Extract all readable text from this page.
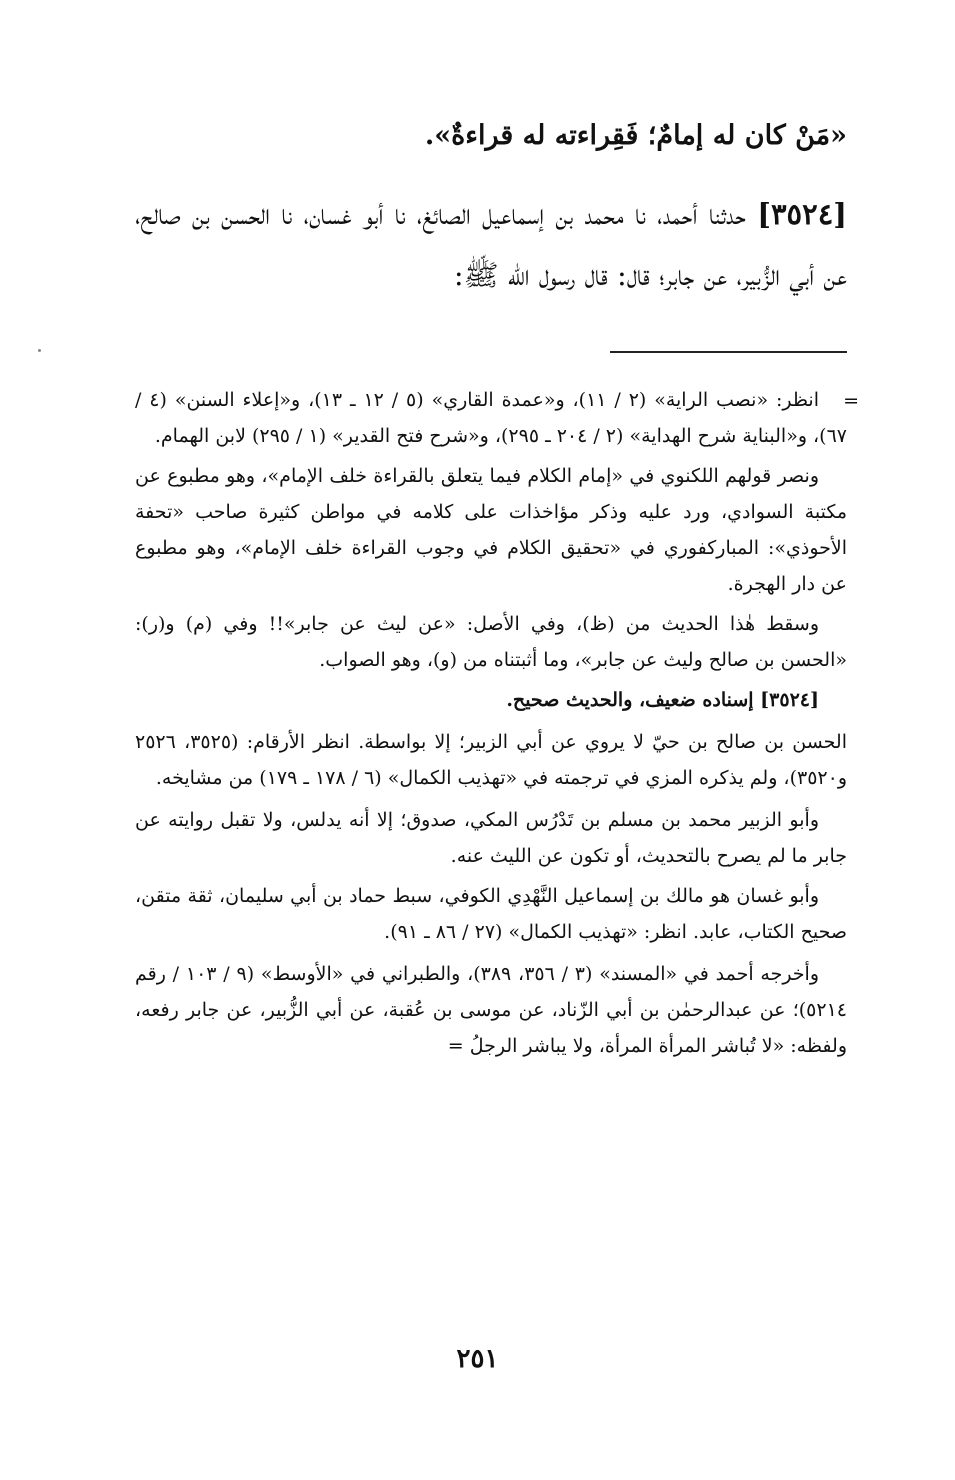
«مَنْ كان له إمامٌ؛ فَقِراءته له قراءةٌ».
[٣٥٢٤] حدثنا أحمد، نا محمد بن إسماعيل الصائغ، نا أبو غسان، نا الحسن بن صالح، عن أبي الزُّبير، عن جابر؛ قال: قال رسول الله ﷺ:
=

انظر: «نصب الراية» (٢ / ١١)، و«عمدة القاري» (٥ / ١٢ ـ ١٣)، و«إعلاء السنن» (٤ / ٦٧)، و«البناية شرح الهداية» (٢ / ٢٠٤ ـ ٢٩٥)، و«شرح فتح القدير» (١ / ٢٩٥) لابن الهمام.

ونصر قولهم اللكنوي في «إمام الكلام فيما يتعلق بالقراءة خلف الإمام»، وهو مطبوع عن مكتبة السوادي، ورد عليه وذكر مؤاخذات على كلامه في مواطن كثيرة صاحب «تحفة الأحوذي»: المباركفوري في «تحقيق الكلام في وجوب القراءة خلف الإمام»، وهو مطبوع عن دار الهجرة.

وسقط هٰذا الحديث من (ظ)، وفي الأصل: «عن ليث عن جابر»!! وفي (م) و(ر): «الحسن بن صالح وليث عن جابر»، وما أثبتناه من (و)، وهو الصواب.

[٣٥٢٤] إسناده ضعيف، والحديث صحيح.

الحسن بن صالح بن حيّ لا يروي عن أبي الزبير؛ إلا بواسطة. انظر الأرقام: (٣٥٢٥، ٢٥٢٦ و٣٥٢٠)، ولم يذكره المزي في ترجمته في «تهذيب الكمال» (٦ / ١٧٨ ـ ١٧٩) من مشايخه.

وأبو الزبير محمد بن مسلم بن تَدْرُس المكي، صدوق؛ إلا أنه يدلس، ولا تقبل روايته عن جابر ما لم يصرح بالتحديث، أو تكون عن الليث عنه.

وأبو غسان هو مالك بن إسماعيل النَّهْدِي الكوفي، سبط حماد بن أبي سليمان، ثقة متقن، صحيح الكتاب، عابد. انظر: «تهذيب الكمال» (٢٧ / ٨٦ ـ ٩١).

وأخرجه أحمد في «المسند» (٣ / ٣٥٦، ٣٨٩)، والطبراني في «الأوسط» (٩ / ١٠٣ / رقم ٥٢١٤)؛ عن عبدالرحمٰن بن أبي الزّناد، عن موسى بن عُقبة، عن أبي الزُّبير، عن جابر رفعه، ولفظه: «لا تُباشر المرأة المرأة، ولا يباشر الرجلُ =

٢٥١
